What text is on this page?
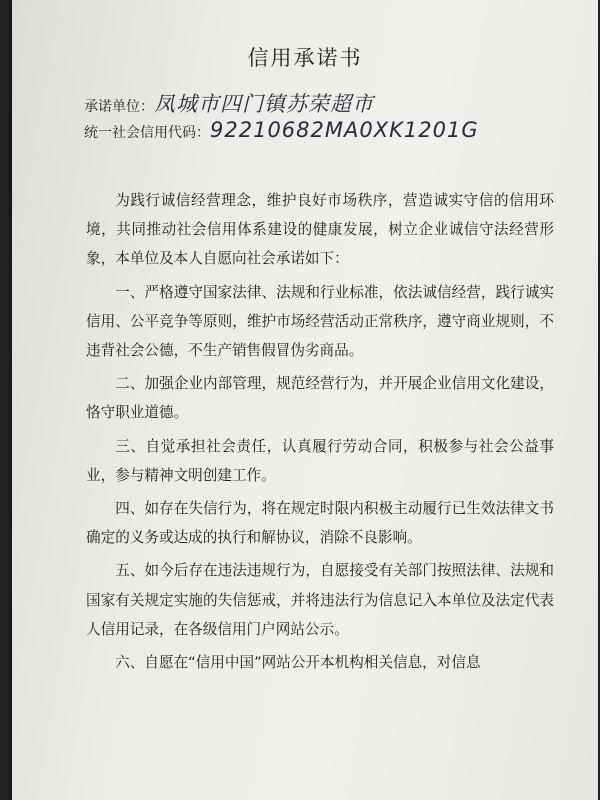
信用承诺书
承诺单位：凤城市四门镇苏荣超市
统一社会信用代码：92210682MA0XK1201G

为践行诚信经营理念，维护良好市场秩序，营造诚实守信的信用环境，共同推动社会信用体系建设的健康发展，树立企业诚信守法经营形象，本单位及本人自愿向社会承诺如下：

一、严格遵守国家法律、法规和行业标准，依法诚信经营，践行诚实信用、公平竞争等原则，维护市场经营活动正常秩序，遵守商业规则，不违背社会公德，不生产销售假冒伪劣商品。

二、加强企业内部管理，规范经营行为，并开展企业信用文化建设，恪守职业道德。

三、自觉承担社会责任，认真履行劳动合同，积极参与社会公益事业，参与精神文明创建工作。

四、如存在失信行为，将在规定时限内积极主动履行已生效法律文书确定的义务或达成的执行和解协议，消除不良影响。

五、如今后存在违法违规行为，自愿接受有关部门按照法律、法规和国家有关规定实施的失信惩戒，并将违法行为信息记入本单位及法定代表人信用记录，在各级信用门户网站公示。

六、自愿在“信用中国”网站公开本机构相关信息，对信息
